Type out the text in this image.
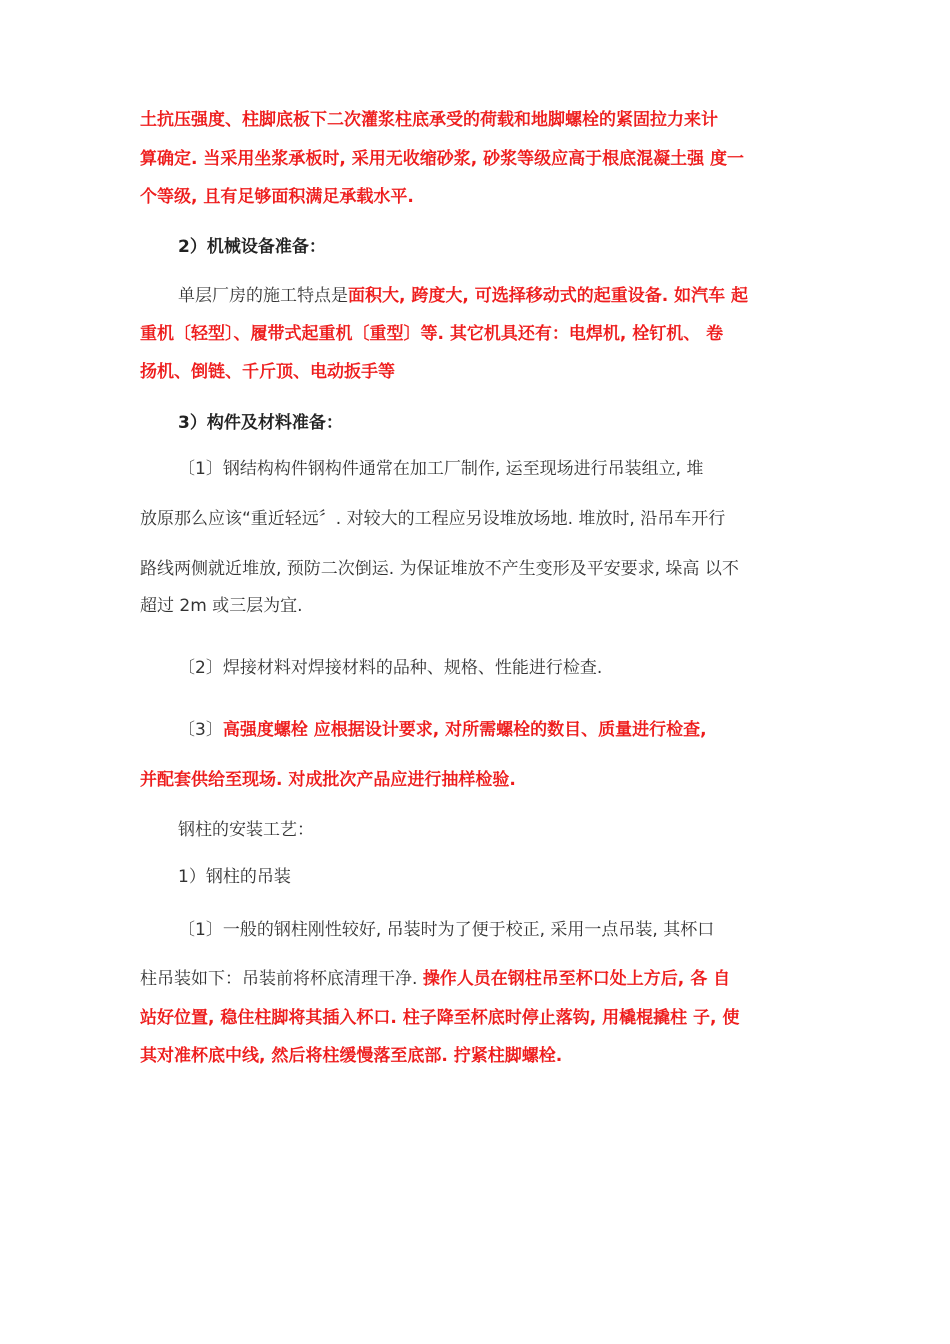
土抗压强度、柱脚底板下二次灌浆柱底承受的荷载和地脚螺栓的紧固拉力来计
算确定. 当采用坐浆承板时, 采用无收缩砂浆, 砂浆等级应高于根底混凝土强 度一
个等级, 且有足够面积满足承载水平.
2）机械设备准备：
单层厂房的施工特点是面积大, 跨度大, 可选择移动式的起重设备. 如汽车 起
重机〔轻型〕、履带式起重机〔重型〕等. 其它机具还有：电焊机, 栓钉机、 卷
扬机、倒链、千斤顶、电动扳手等
3）构件及材料准备：
〔1〕钢结构构件钢构件通常在加工厂制作, 运至现场进行吊装组立, 堆
放原那么应该“重近轻远〞. 对较大的工程应另设堆放场地. 堆放时, 沿吊车开行
路线两侧就近堆放, 预防二次倒运. 为保证堆放不产生变形及平安要求, 垛高 以不
超过 2m 或三层为宜.
〔2〕焊接材料对焊接材料的品种、规格、性能进行检查.
〔3〕高强度螺栓 应根据设计要求, 对所需螺栓的数目、质量进行检查,
并配套供给至现场. 对成批次产品应进行抽样检验.
钢柱的安装工艺：
1）钢柱的吊装
〔1〕一般的钢柱刚性较好, 吊装时为了便于校正, 采用一点吊装, 其杯口
柱吊装如下：吊装前将杯底清理干净. 操作人员在钢柱吊至杯口处上方后, 各 自
站好位置, 稳住柱脚将其插入杯口. 柱子降至杯底时停止落钩, 用橇棍撬柱 子, 使
其对准杯底中线, 然后将柱缓慢落至底部. 拧紧柱脚螺栓.
